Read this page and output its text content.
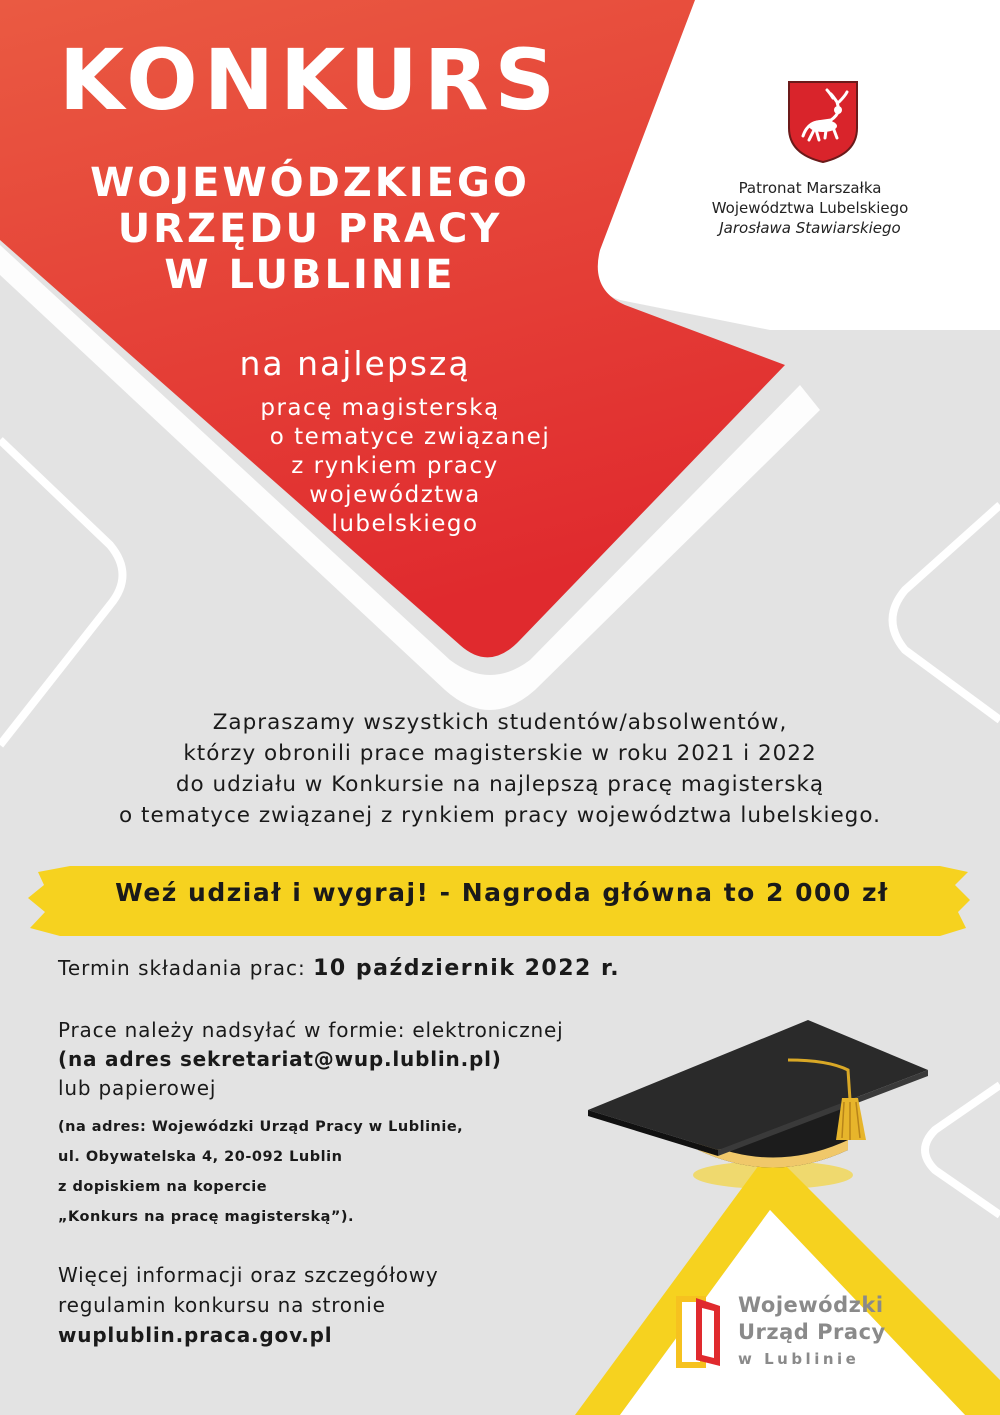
KONKURS
WOJEWÓDZKIEGO
URZĘDU PRACY
W LUBLINIE
na najlepszą
pracę magisterską
o tematyce związanej
z rynkiem pracy
województwa
lubelskiego
Patronat Marszałka
Województwa Lubelskiego
Jarosława Stawiarskiego
Zapraszamy wszystkich studentów/absolwentów,
którzy obronili prace magisterskie w roku 2021 i 2022
do udziału w Konkursie na najlepszą pracę magisterską
o tematyce związanej z rynkiem pracy województwa lubelskiego.
Weź udział i wygraj! - Nagroda główna to 2 000 zł
Termin składania prac: 10 październik 2022 r.
Prace należy nadsyłać w formie: elektronicznej
(na adres sekretariat@wup.lublin.pl)
lub papierowej
(na adres: Wojewódzki Urząd Pracy w Lublinie,
ul. Obywatelska 4, 20-092 Lublin
z dopiskiem na kopercie
„Konkurs na pracę magisterską”).
Więcej informacji oraz szczegółowy
regulamin konkursu na stronie
wuplublin.praca.gov.pl
Wojewódzki
Urząd Pracy
w Lublinie
